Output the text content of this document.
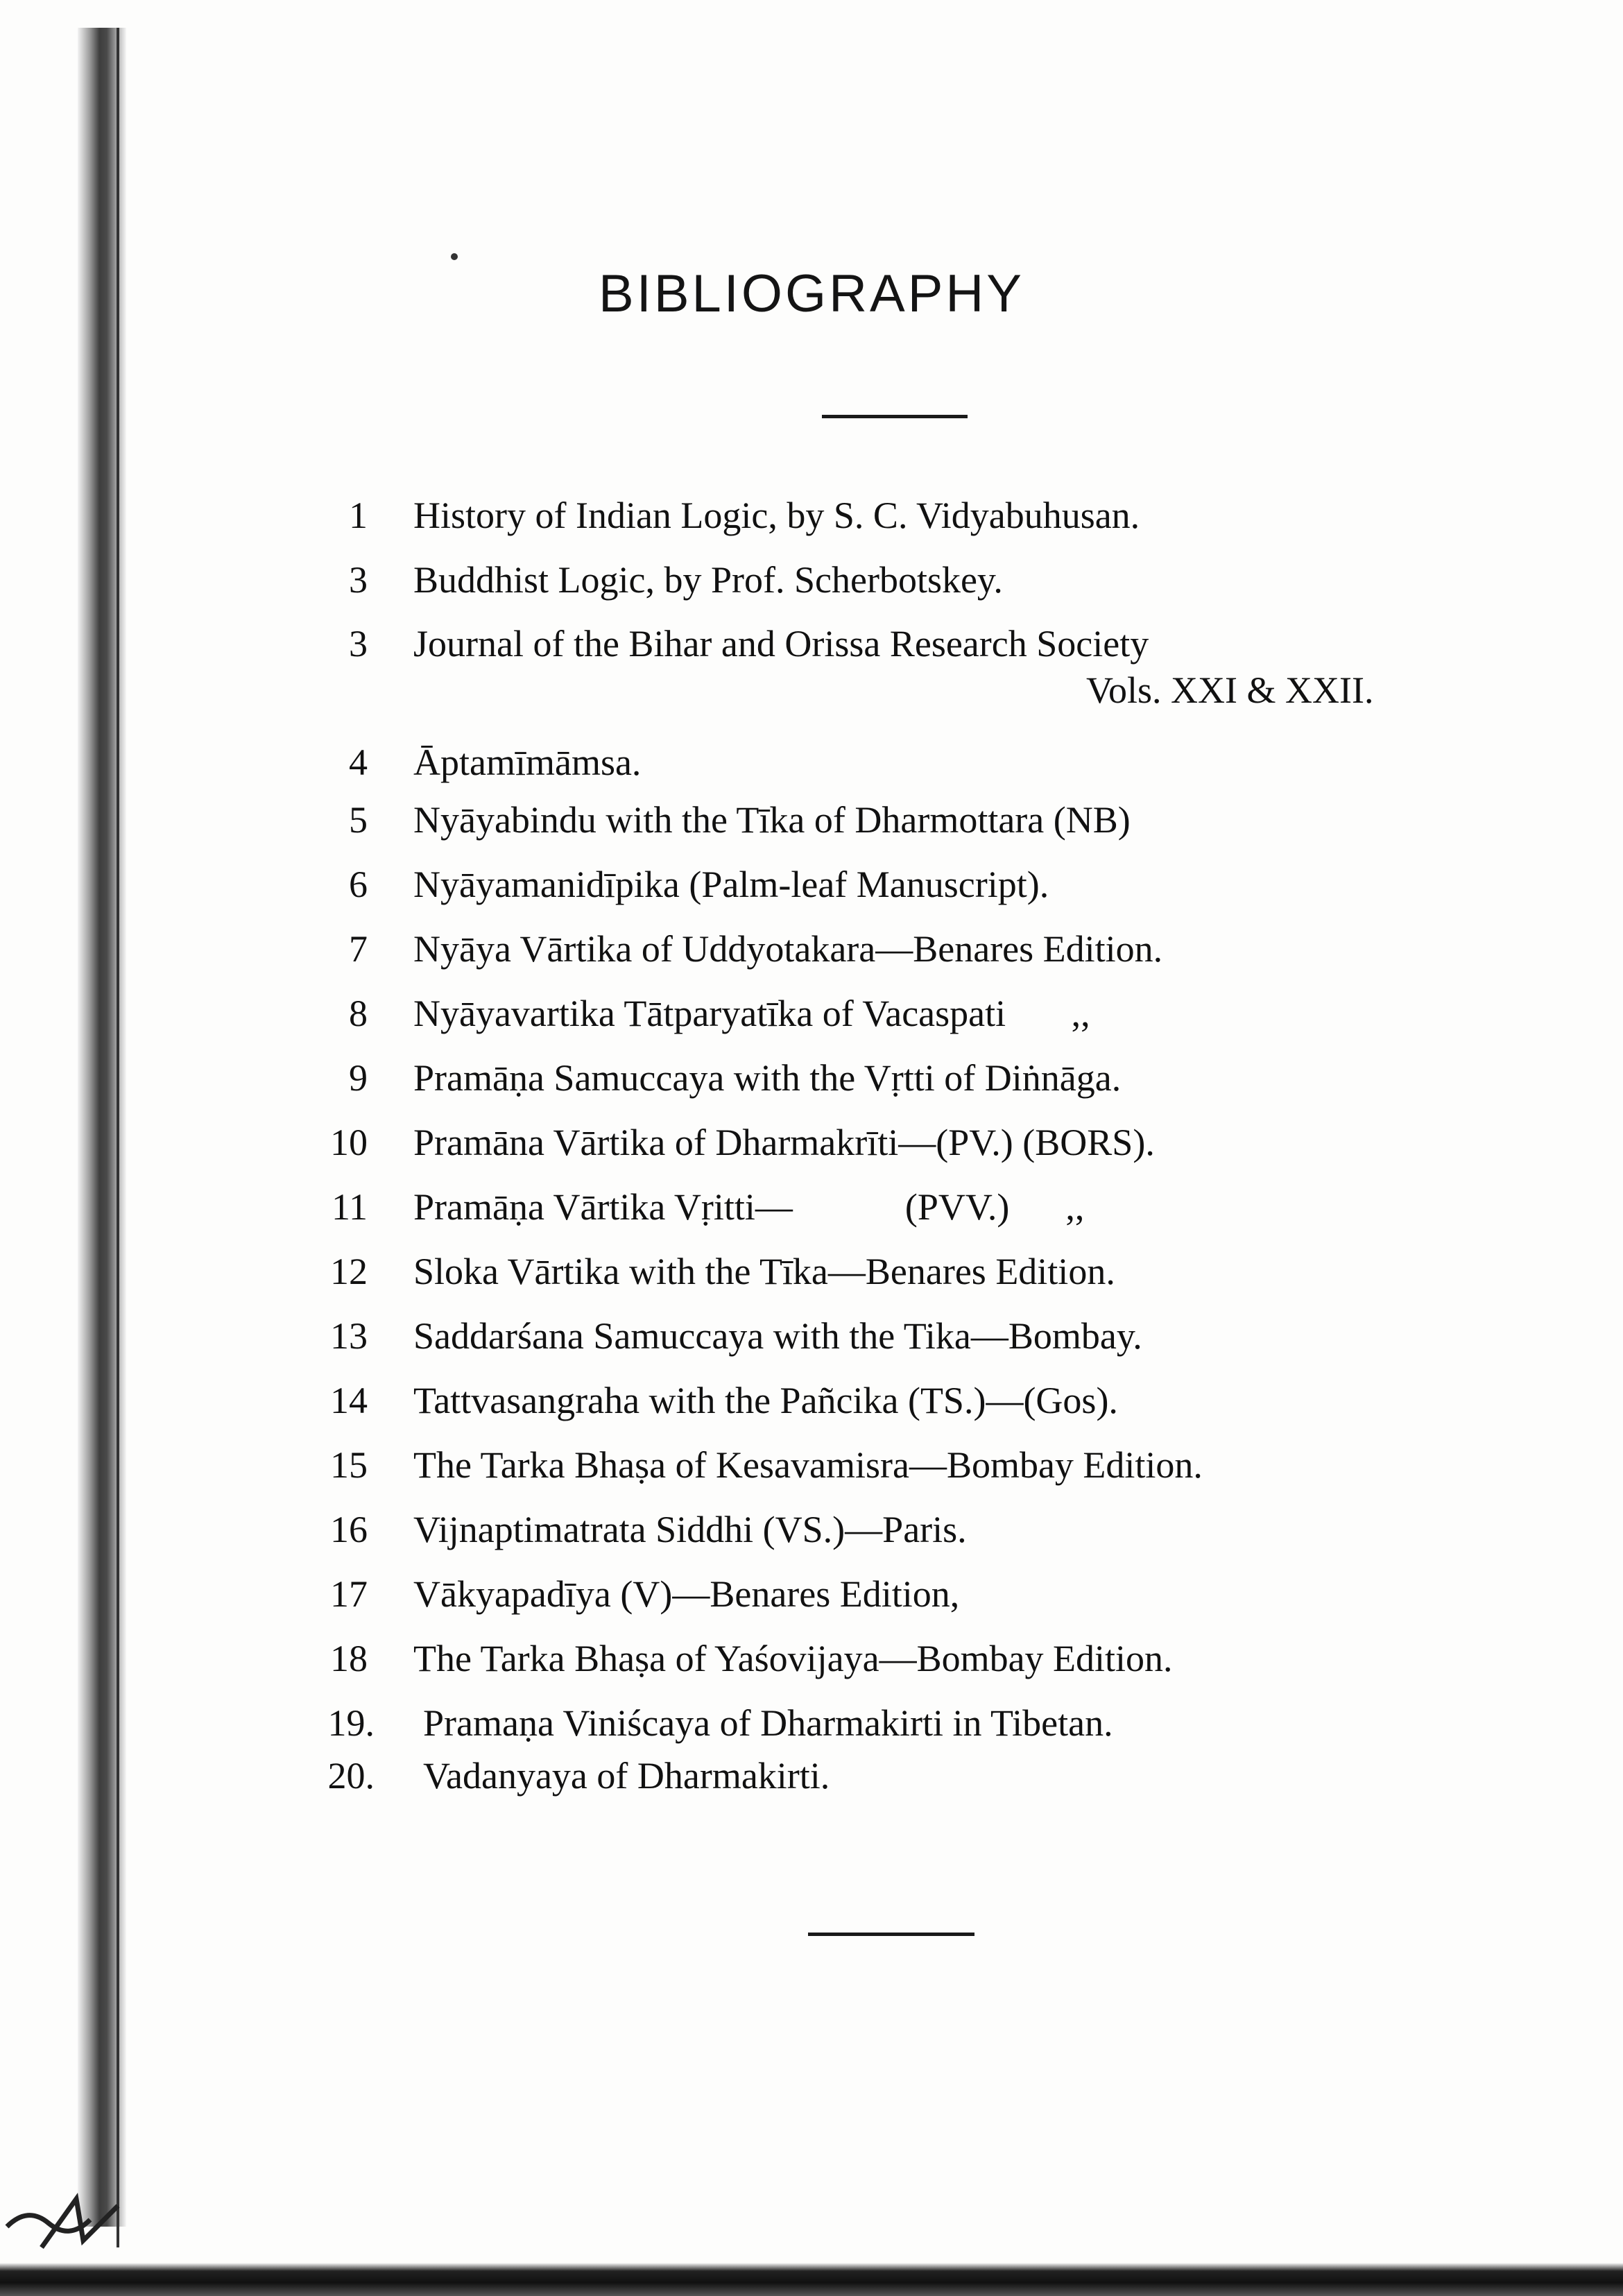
BIBLIOGRAPHY
1 History of Indian Logic, by S. C. Vidyabuhusan.
3 Buddhist Logic, by Prof. Scherbotskey.
3 Journal of the Bihar and Orissa Research Society
Vols. XXI & XXII.
4 Āptamīmāmsa.
5 Nyāyabindu with the Tīka of Dharmottara (NB)
6 Nyāyamanidīpika (Palm-leaf Manuscript).
7 Nyāya Vārtika of Uddyotakara—Benares Edition.
8 Nyāyavartika Tātparyatīka of Vacaspati       ,,
9 Pramāṇa Samuccaya with the Vṛtti of Diṅnāga.
10 Pramāna Vārtika of Dharmakrīti—(PV.) (BORS).
11 Pramāṇa Vārtika Vṛitti—            (PVV.)      ,,
12 Sloka Vārtika with the Tīka—Benares Edition.
13 Saddarśana Samuccaya with the Tika—Bombay.
14 Tattvasangraha with the Pañcika (TS.)—(Gos).
15 The Tarka Bhaṣa of Kesavamisra—Bombay Edition.
16 Vijnaptimatrata Siddhi (VS.)—Paris.
17 Vākyapadīya (V)—Benares Edition,
18 The Tarka Bhaṣa of Yaśovijaya—Bombay Edition.
19. Pramaṇa Viniścaya of Dharmakirti in Tibetan.
20. Vadanyaya of Dharmakirti.
